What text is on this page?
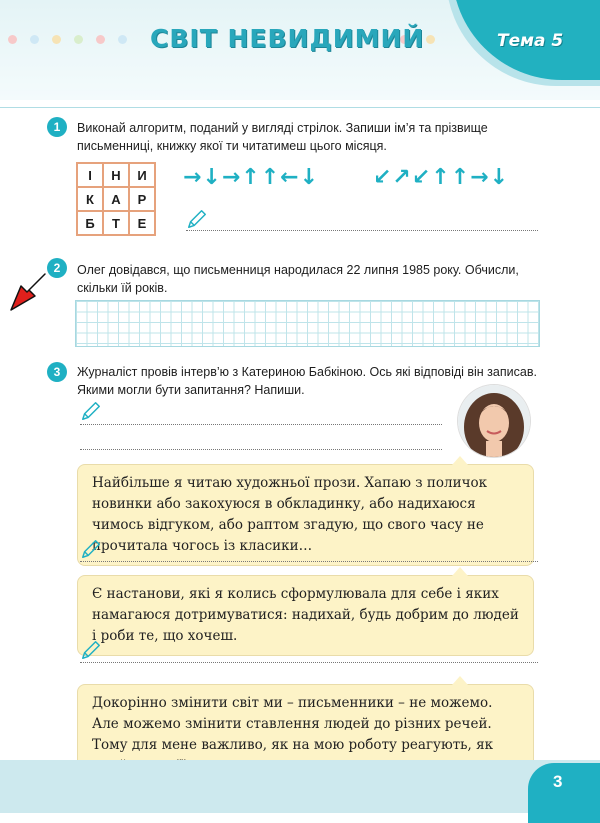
СВІТ НЕВИДИМИЙ	Тема 5
1	Виконай алгоритм, поданий у вигляді стрілок. Запиши ім’я та прізвище письменниці, книжку якої ти читатимеш цього місяця.

І	Н	И
К	А	Р
Б	Т	Е
→↓→↑↑←↓ ↙↗↙↑↑→↓
2	Олег довідався, що письменниця народилася 22 липня 1985 року. Обчисли, скільки їй років.

3	Журналіст провів інтерв’ю з Катериною Бабкіною. Ось які відповіді він записав. Якими могли бути запитання? Напиши.

Найбільше я читаю художньої прози. Хапаю з поличок новинки або закохуюся в обкладинку, або надихаюся чимось відгуком, або раптом згадую, що свого часу не прочитала чогось із класики…

Є настанови, які я колись сформулювала для себе і яких намагаюся дотримуватися: надихай, будь добрим до людей і роби те, що хочеш.

Докорінно змінити світ ми – письменники – не можемо. Але можемо змінити ставлення людей до різних речей. Тому для мене важливо, як на мою роботу реагують, як

3
